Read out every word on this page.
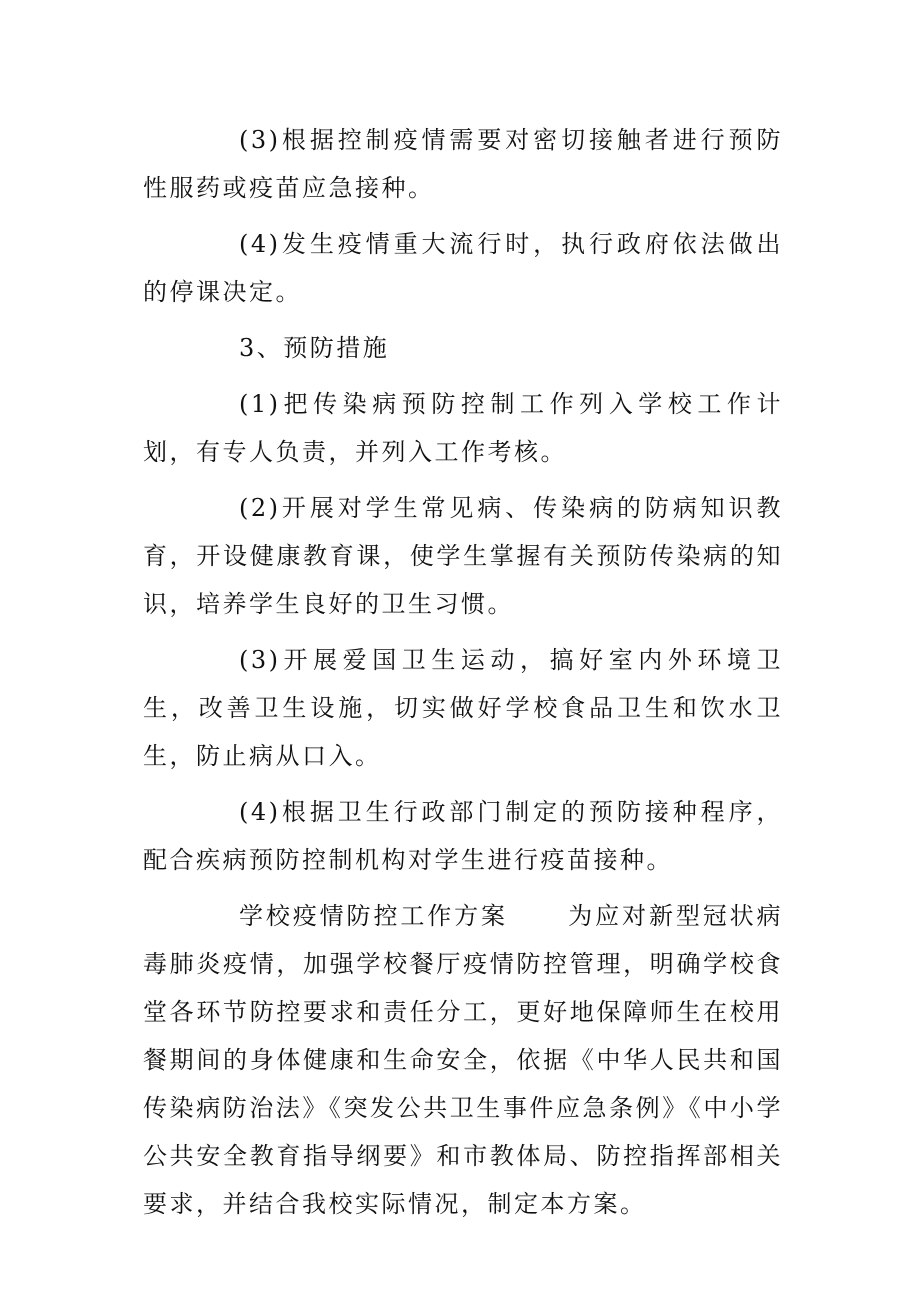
(3)根据控制疫情需要对密切接触者进行预防性服药或疫苗应急接种。

(4)发生疫情重大流行时，执行政府依法做出的停课决定。

3、预防措施

(1)把传染病预防控制工作列入学校工作计划，有专人负责，并列入工作考核。

(2)开展对学生常见病、传染病的防病知识教育，开设健康教育课，使学生掌握有关预防传染病的知识，培养学生良好的卫生习惯。

(3)开展爱国卫生运动，搞好室内外环境卫生，改善卫生设施，切实做好学校食品卫生和饮水卫生，防止病从口入。

(4)根据卫生行政部门制定的预防接种程序，配合疾病预防控制机构对学生进行疫苗接种。

学校疫情防控工作方案	为应对新型冠状病毒肺炎疫情，加强学校餐厅疫情防控管理，明确学校食堂各环节防控要求和责任分工，更好地保障师生在校用餐期间的身体健康和生命安全，依据《中华人民共和国传染病防治法》《突发公共卫生事件应急条例》《中小学公共安全教育指导纲要》和市教体局、防控指挥部相关要求，并结合我校实际情况，制定本方案。
